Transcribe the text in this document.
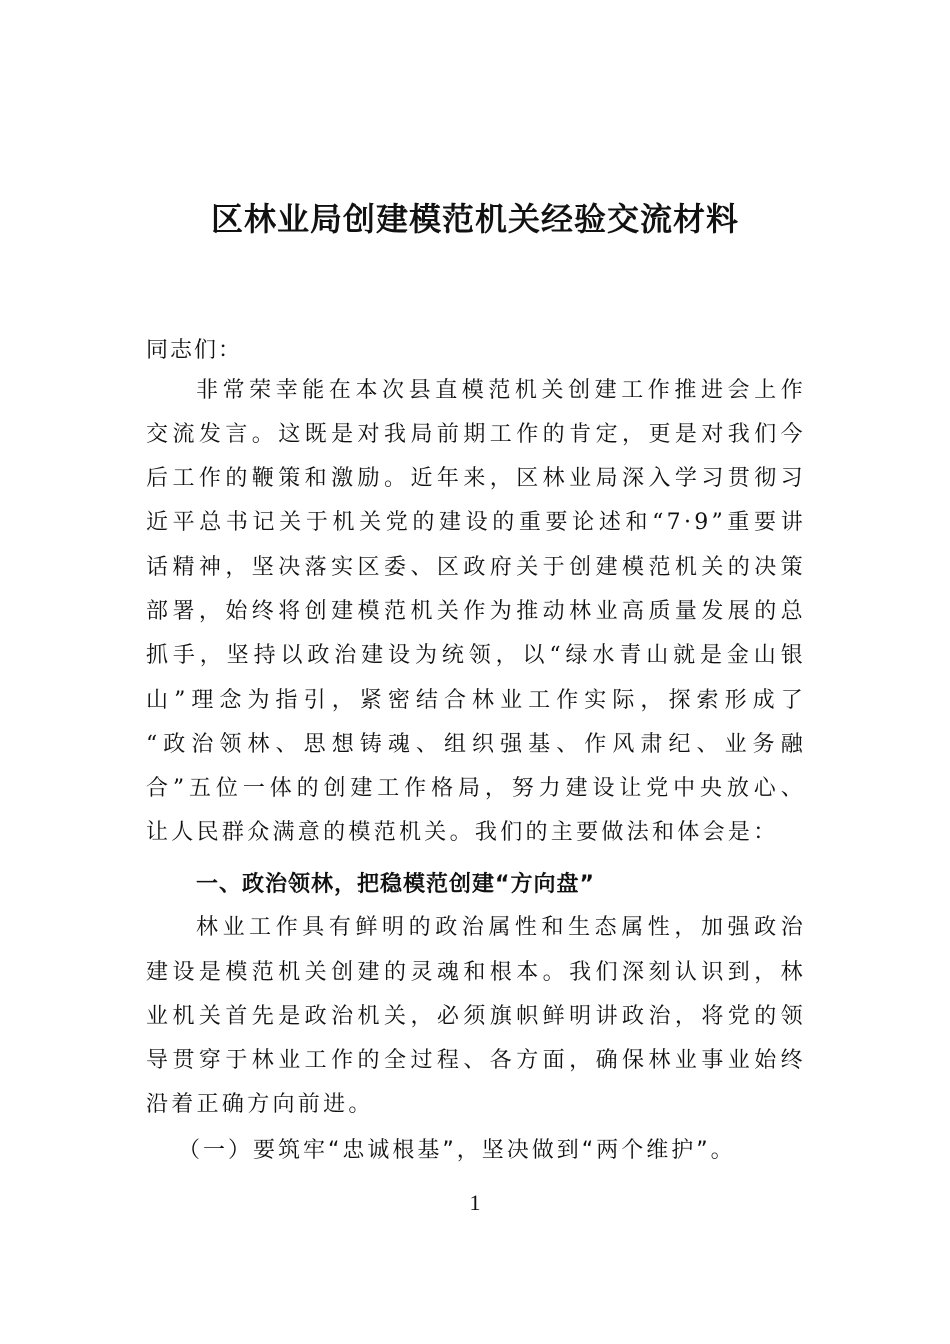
区林业局创建模范机关经验交流材料
同志们：
非常荣幸能在本次县直模范机关创建工作推进会上作
交流发言。这既是对我局前期工作的肯定，更是对我们今
后工作的鞭策和激励。近年来，区林业局深入学习贯彻习
近平总书记关于机关党的建设的重要论述和“7·9”重要讲
话精神，坚决落实区委、区政府关于创建模范机关的决策
部署，始终将创建模范机关作为推动林业高质量发展的总
抓手，坚持以政治建设为统领，以“绿水青山就是金山银
山”理念为指引，紧密结合林业工作实际，探索形成了
“政治领林、思想铸魂、组织强基、作风肃纪、业务融
合”五位一体的创建工作格局，努力建设让党中央放心、
让人民群众满意的模范机关。我们的主要做法和体会是：
一、政治领林，把稳模范创建“方向盘”
林业工作具有鲜明的政治属性和生态属性，加强政治
建设是模范机关创建的灵魂和根本。我们深刻认识到，林
业机关首先是政治机关，必须旗帜鲜明讲政治，将党的领
导贯穿于林业工作的全过程、各方面，确保林业事业始终
沿着正确方向前进。
（一）要筑牢“忠诚根基”，坚决做到“两个维护”。
1
